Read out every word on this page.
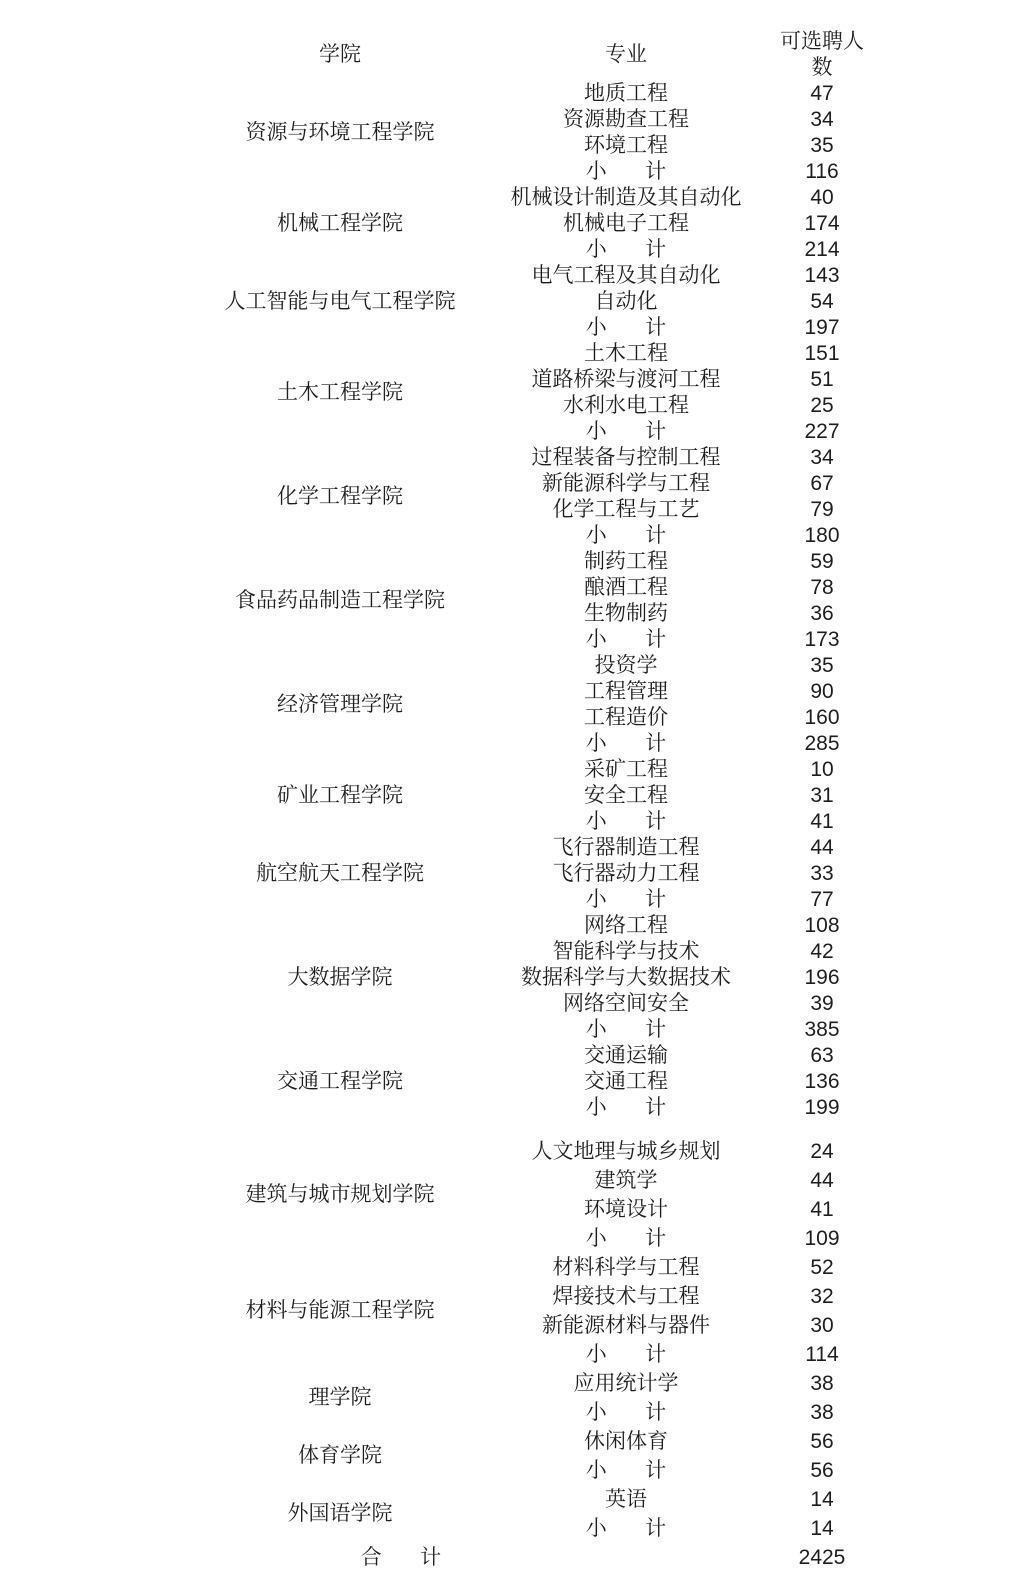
学院	专业	可选聘人数
资源与环境工程学院	地质工程	47
	资源勘查工程	34
	环境工程	35
	小 计	116
机械工程学院	机械设计制造及其自动化	40
	机械电子工程	174
	小 计	214
人工智能与电气工程学院	电气工程及其自动化	143
	自动化	54
	小 计	197
土木工程学院	土木工程	151
	道路桥梁与渡河工程	51
	水利水电工程	25
	小 计	227
化学工程学院	过程装备与控制工程	34
	新能源科学与工程	67
	化学工程与工艺	79
	小 计	180
食品药品制造工程学院	制药工程	59
	酿酒工程	78
	生物制药	36
	小 计	173
经济管理学院	投资学	35
	工程管理	90
	工程造价	160
	小 计	285
矿业工程学院	采矿工程	10
	安全工程	31
	小 计	41
航空航天工程学院	飞行器制造工程	44
	飞行器动力工程	33
	小 计	77
大数据学院	网络工程	108
	智能科学与技术	42
	数据科学与大数据技术	196
	网络空间安全	39
	小 计	385
交通工程学院	交通运输	63
	交通工程	136
	小 计	199

建筑与城市规划学院	人文地理与城乡规划	24
	建筑学	44
	环境设计	41
	小 计	109
材料与能源工程学院	材料科学与工程	52
	焊接技术与工程	32
	新能源材料与器件	30
	小 计	114
理学院	应用统计学	38
	小 计	38
体育学院	休闲体育	56
	小 计	56
外国语学院	英语	14
	小 计	14
合 计		2425
